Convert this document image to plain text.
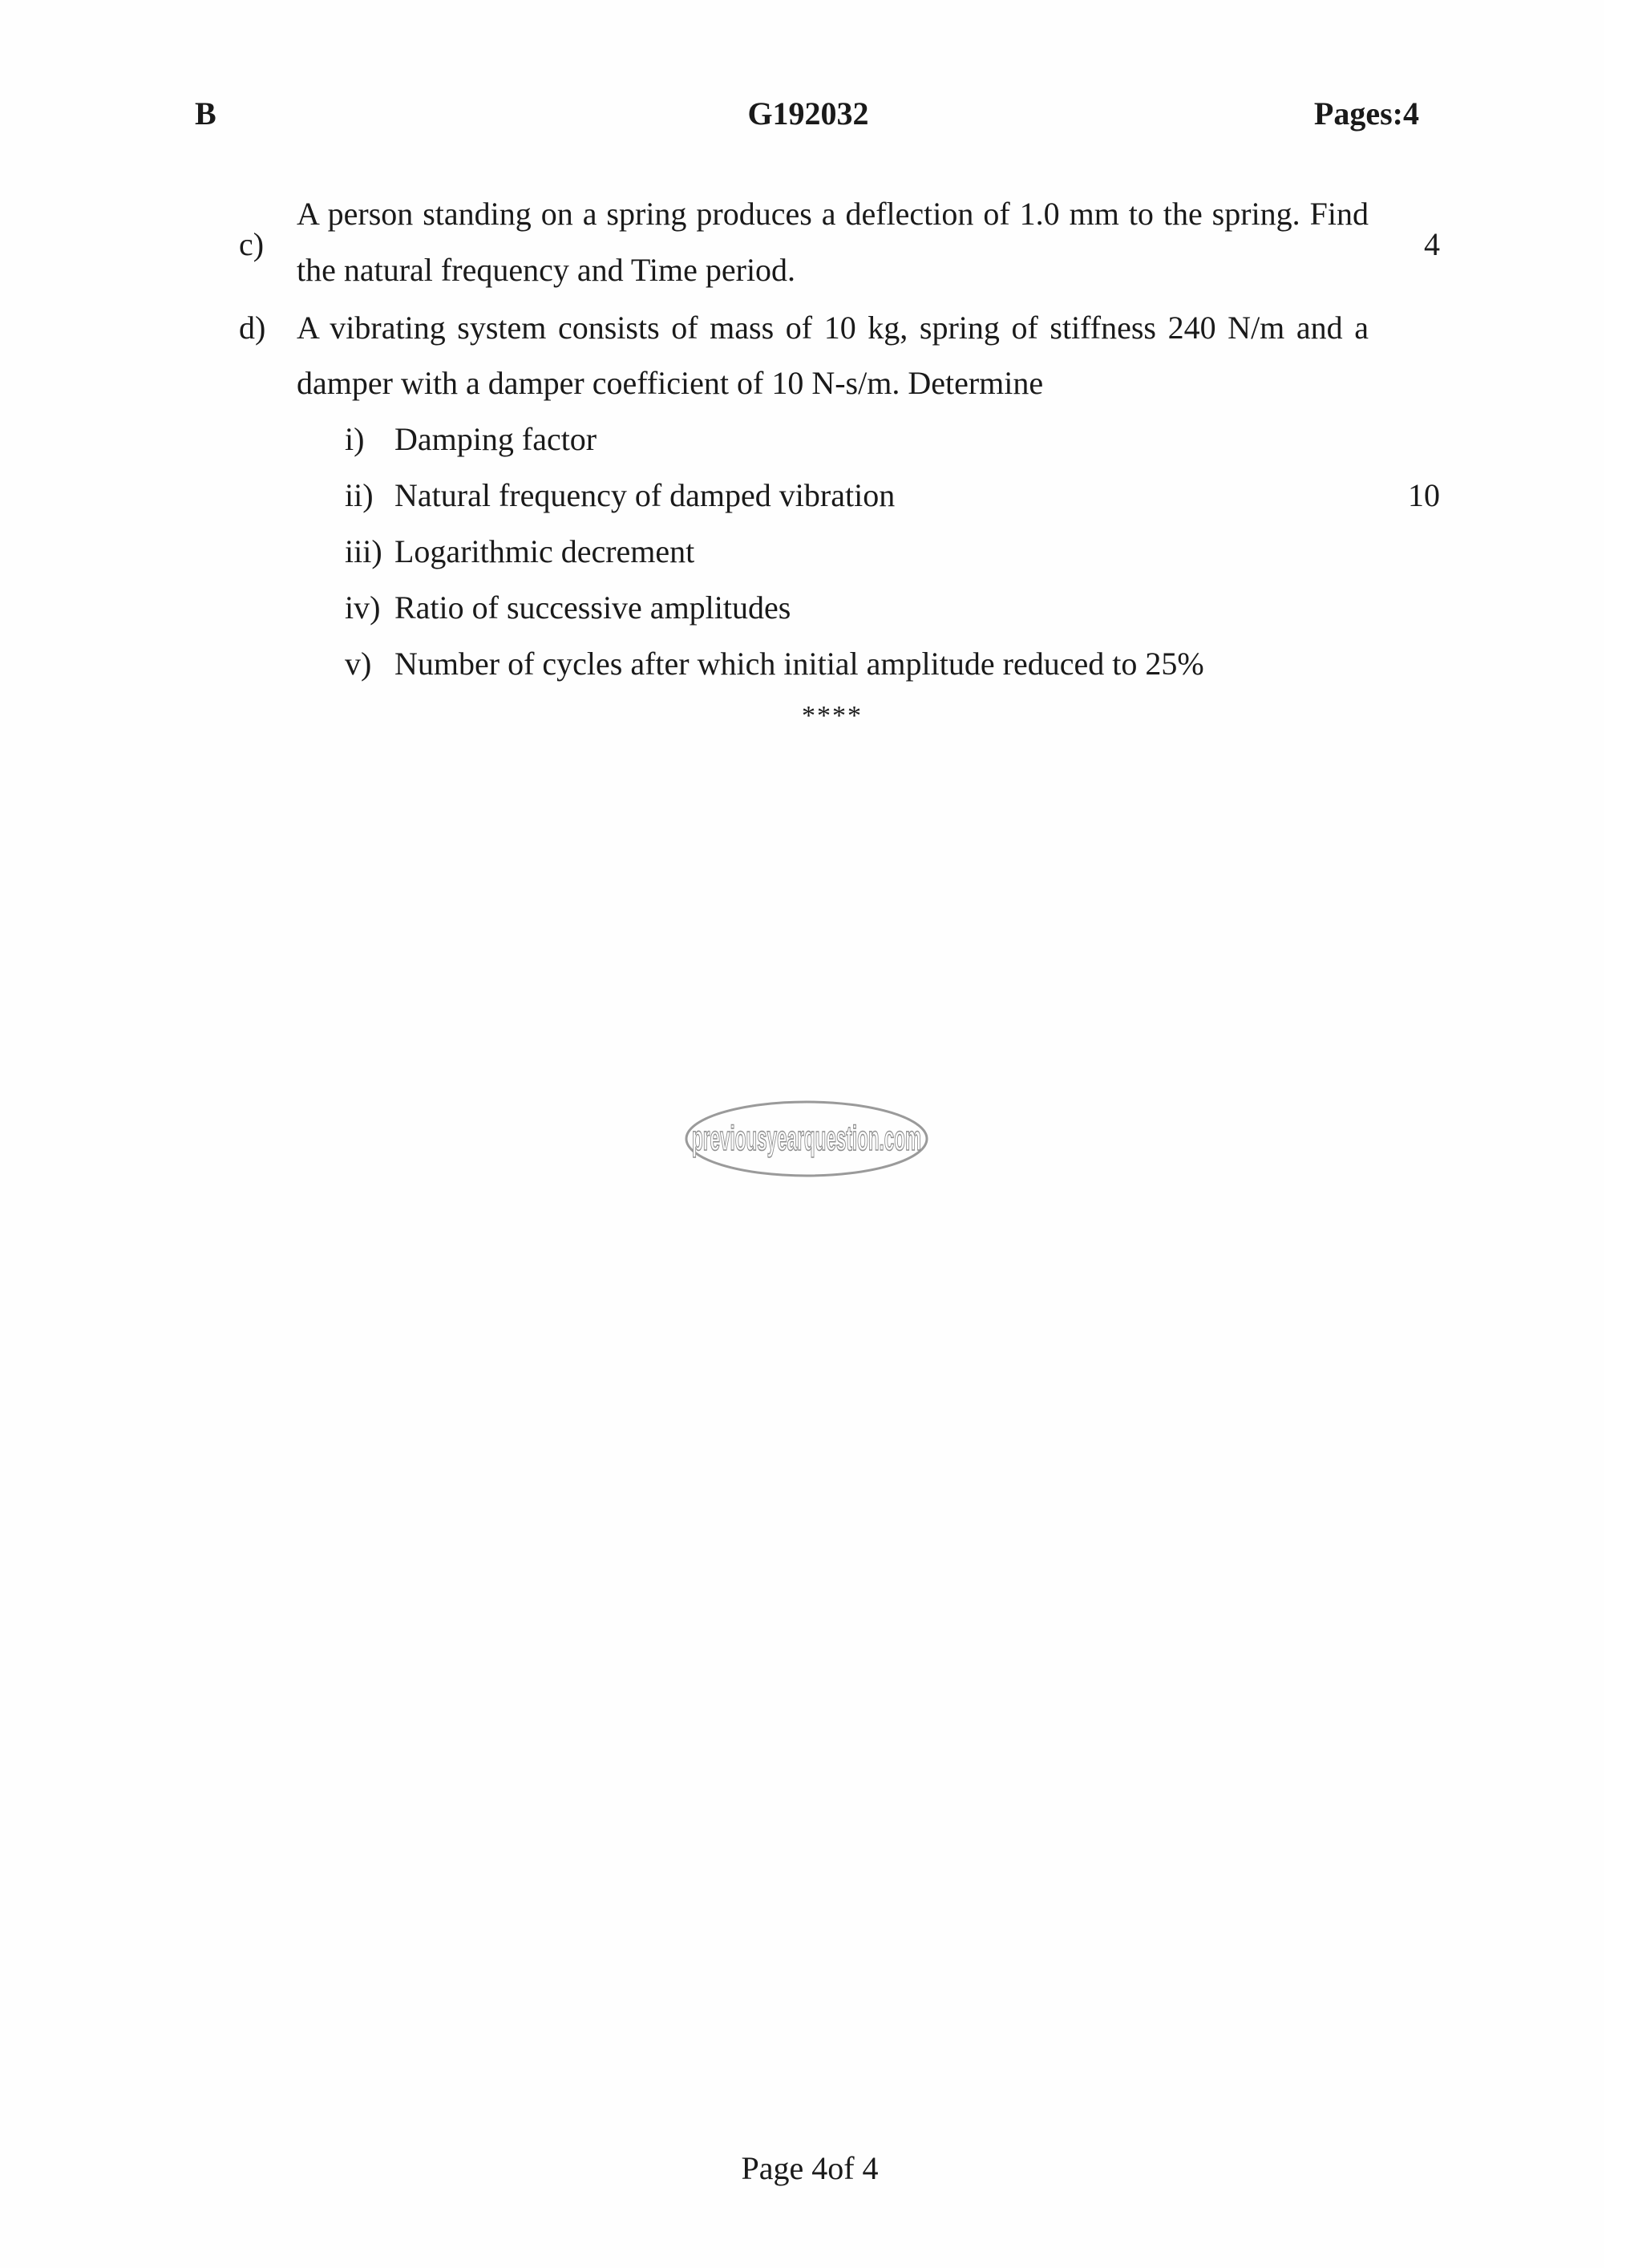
B	G192032	Pages:4
c)
A person standing on a spring produces a deflection of 1.0 mm to the spring. Find
the natural frequency and Time period.
4
d) A vibrating system consists of mass of 10 kg, spring of stiffness 240 N/m and a
damper with a damper coefficient of 10 N-s/m. Determine
i) Damping factor
ii) Natural frequency of damped vibration	10
iii) Logarithmic decrement
iv) Ratio of successive amplitudes
v) Number of cycles after which initial amplitude reduced to 25%
****
previousyearquestion.com
Page 4of 4
